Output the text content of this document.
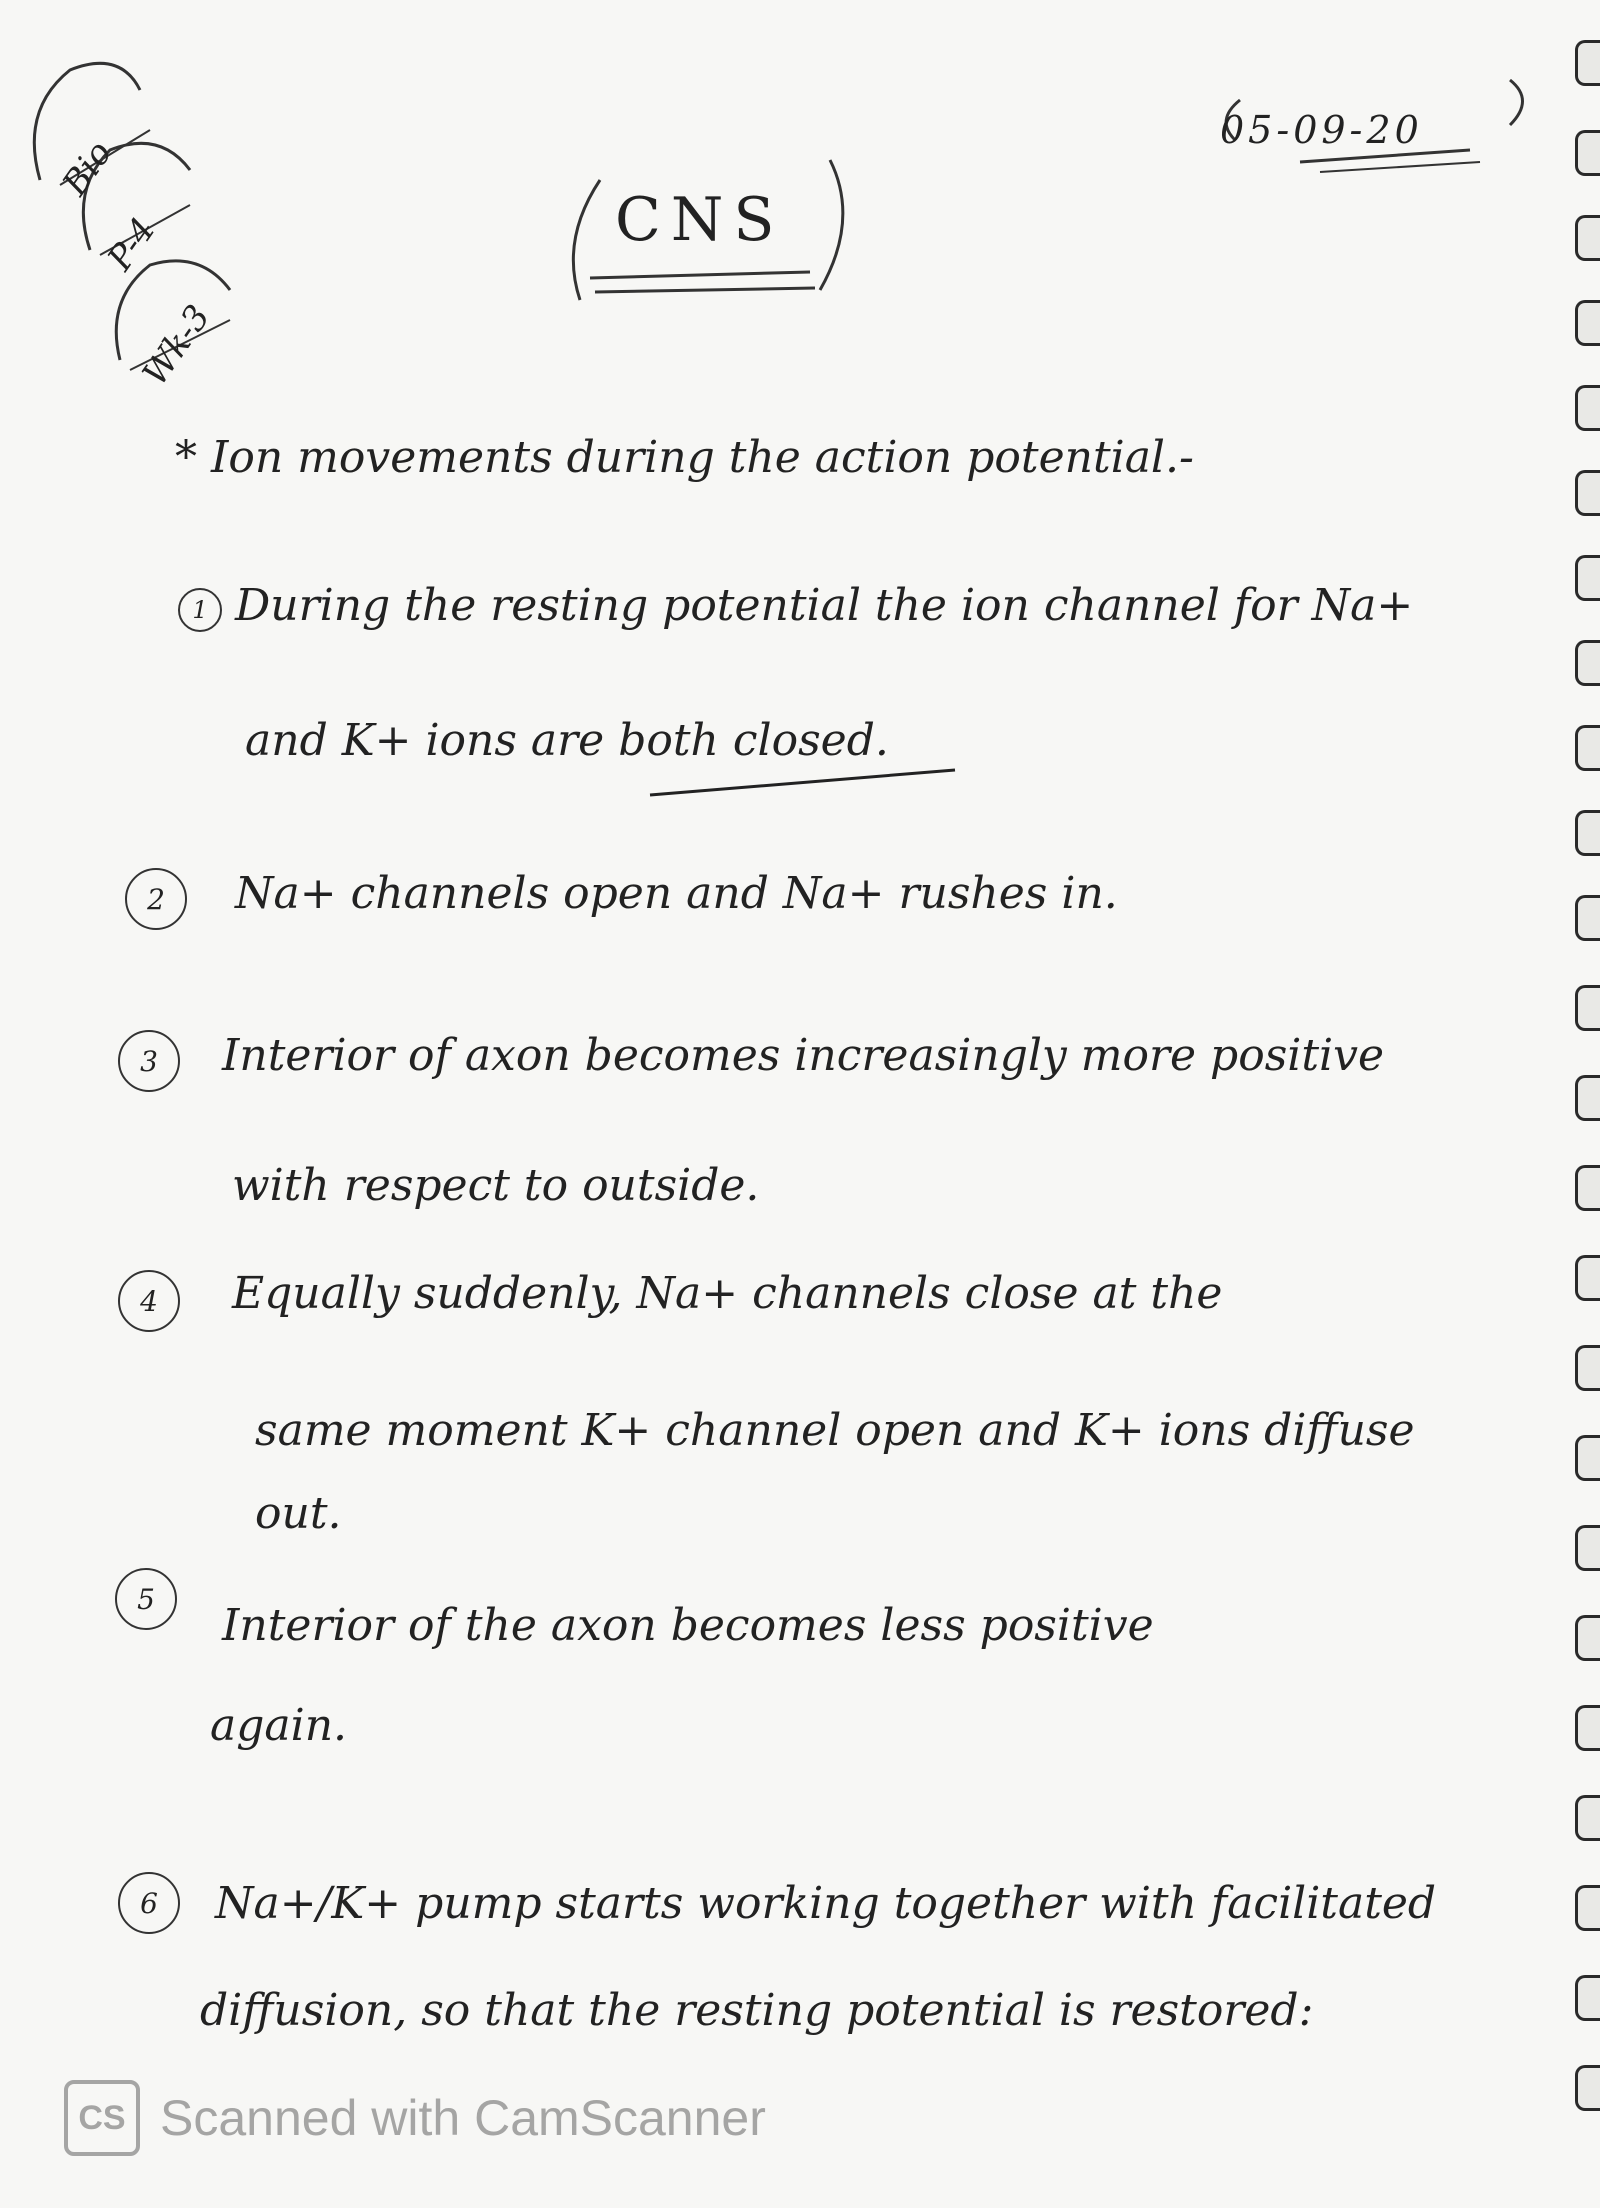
Bio
P-4
Wk-3
05-09-20
CNS
* Ion movements during the action potential.-
1 During the resting potential the ion channel for Na+
and K+ ions are both closed.
2	Na+ channels open and Na+ rushes in.
3	Interior of axon becomes increasingly more positive
with respect to outside.
4	Equally suddenly, Na+ channels close at the
same moment K+ channel open and K+ ions diffuse
out.
5
Interior of the axon becomes less positive
again.
6	Na+/K+ pump starts working together with facilitated
diffusion, so that the resting potential is restored:
CS Scanned with CamScanner
